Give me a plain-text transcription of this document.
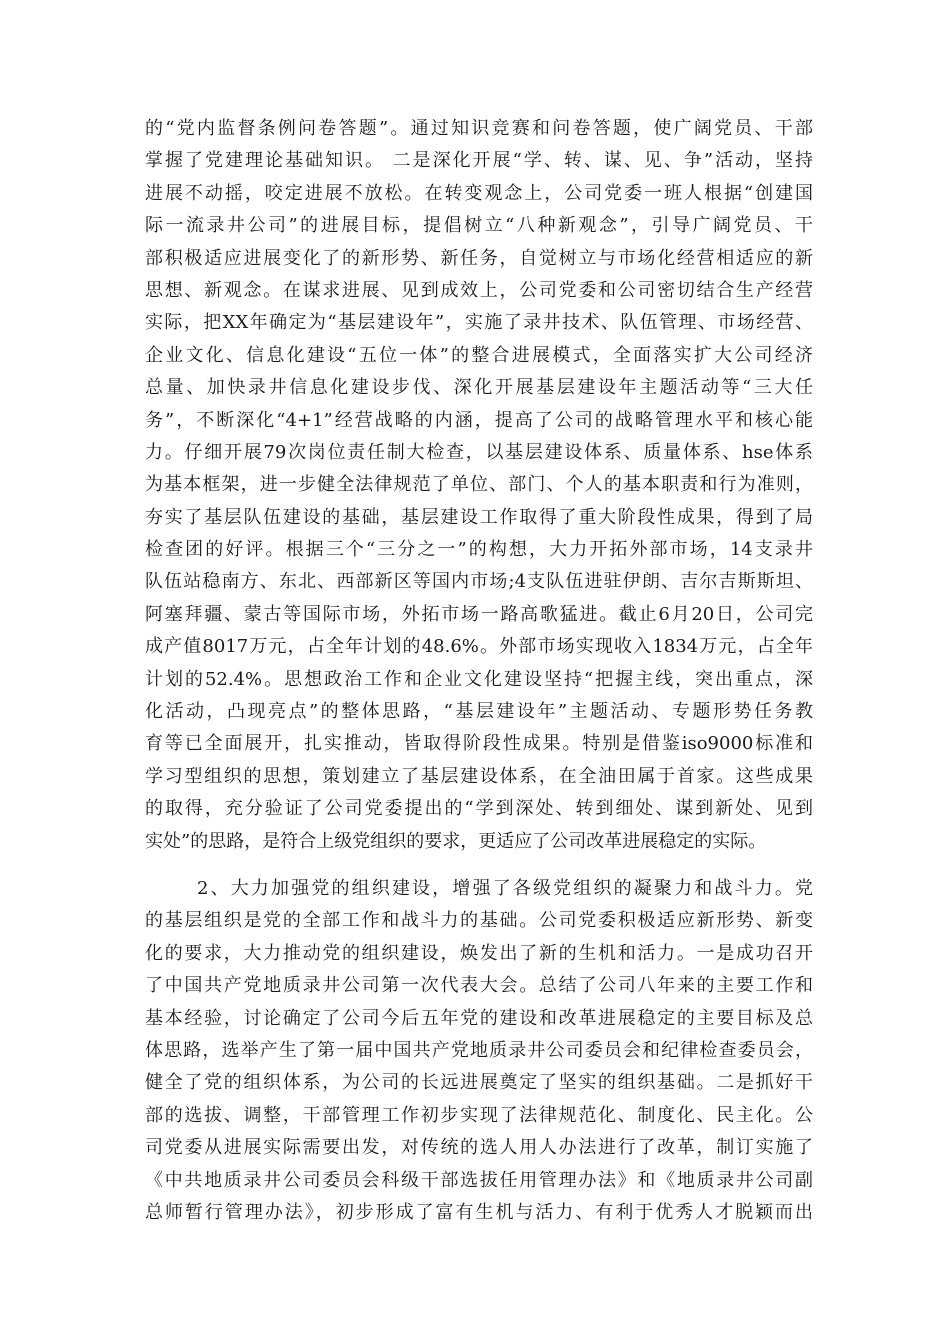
的“党内监督条例问卷答题”。通过知识竞赛和问卷答题，使广阔党员、干部
掌握了党建理论基础知识。 二是深化开展“学、转、谋、见、争”活动，坚持
进展不动摇，咬定进展不放松。在转变观念上，公司党委一班人根据“创建国
际一流录井公司”的进展目标，提倡树立“八种新观念”，引导广阔党员、干
部积极适应进展变化了的新形势、新任务，自觉树立与市场化经营相适应的新
思想、新观念。在谋求进展、见到成效上，公司党委和公司密切结合生产经营
实际，把XX年确定为“基层建设年”，实施了录井技术、队伍管理、市场经营、
企业文化、信息化建设“五位一体”的整合进展模式，全面落实扩大公司经济
总量、加快录井信息化建设步伐、深化开展基层建设年主题活动等“三大任
务”，不断深化“4+1”经营战略的内涵，提高了公司的战略管理水平和核心能
力。仔细开展79次岗位责任制大检查，以基层建设体系、质量体系、hse体系
为基本框架，进一步健全法律规范了单位、部门、个人的基本职责和行为准则，
夯实了基层队伍建设的基础，基层建设工作取得了重大阶段性成果，得到了局
检查团的好评。根据三个“三分之一”的构想，大力开拓外部市场，14支录井
队伍站稳南方、东北、西部新区等国内市场;4支队伍进驻伊朗、吉尔吉斯斯坦、
阿塞拜疆、蒙古等国际市场，外拓市场一路高歌猛进。截止6月20日，公司完
成产值8017万元，占全年计划的48.6%。外部市场实现收入1834万元，占全年
计划的52.4%。思想政治工作和企业文化建设坚持“把握主线，突出重点，深
化活动，凸现亮点”的整体思路，“基层建设年”主题活动、专题形势任务教
育等已全面展开，扎实推动，皆取得阶段性成果。特别是借鉴iso9000标准和
学习型组织的思想，策划建立了基层建设体系，在全油田属于首家。这些成果
的取得，充分验证了公司党委提出的“学到深处、转到细处、谋到新处、见到
实处”的思路，是符合上级党组织的要求，更适应了公司改革进展稳定的实际。
2、大力加强党的组织建设，增强了各级党组织的凝聚力和战斗力。党
的基层组织是党的全部工作和战斗力的基础。公司党委积极适应新形势、新变
化的要求，大力推动党的组织建设，焕发出了新的生机和活力。一是成功召开
了中国共产党地质录井公司第一次代表大会。总结了公司八年来的主要工作和
基本经验，讨论确定了公司今后五年党的建设和改革进展稳定的主要目标及总
体思路，选举产生了第一届中国共产党地质录井公司委员会和纪律检查委员会，
健全了党的组织体系，为公司的长远进展奠定了坚实的组织基础。二是抓好干
部的选拔、调整，干部管理工作初步实现了法律规范化、制度化、民主化。公
司党委从进展实际需要出发，对传统的选人用人办法进行了改革，制订实施了
《中共地质录井公司委员会科级干部选拔任用管理办法》和《地质录井公司副
总师暂行管理办法》，初步形成了富有生机与活力、有利于优秀人才脱颖而出
